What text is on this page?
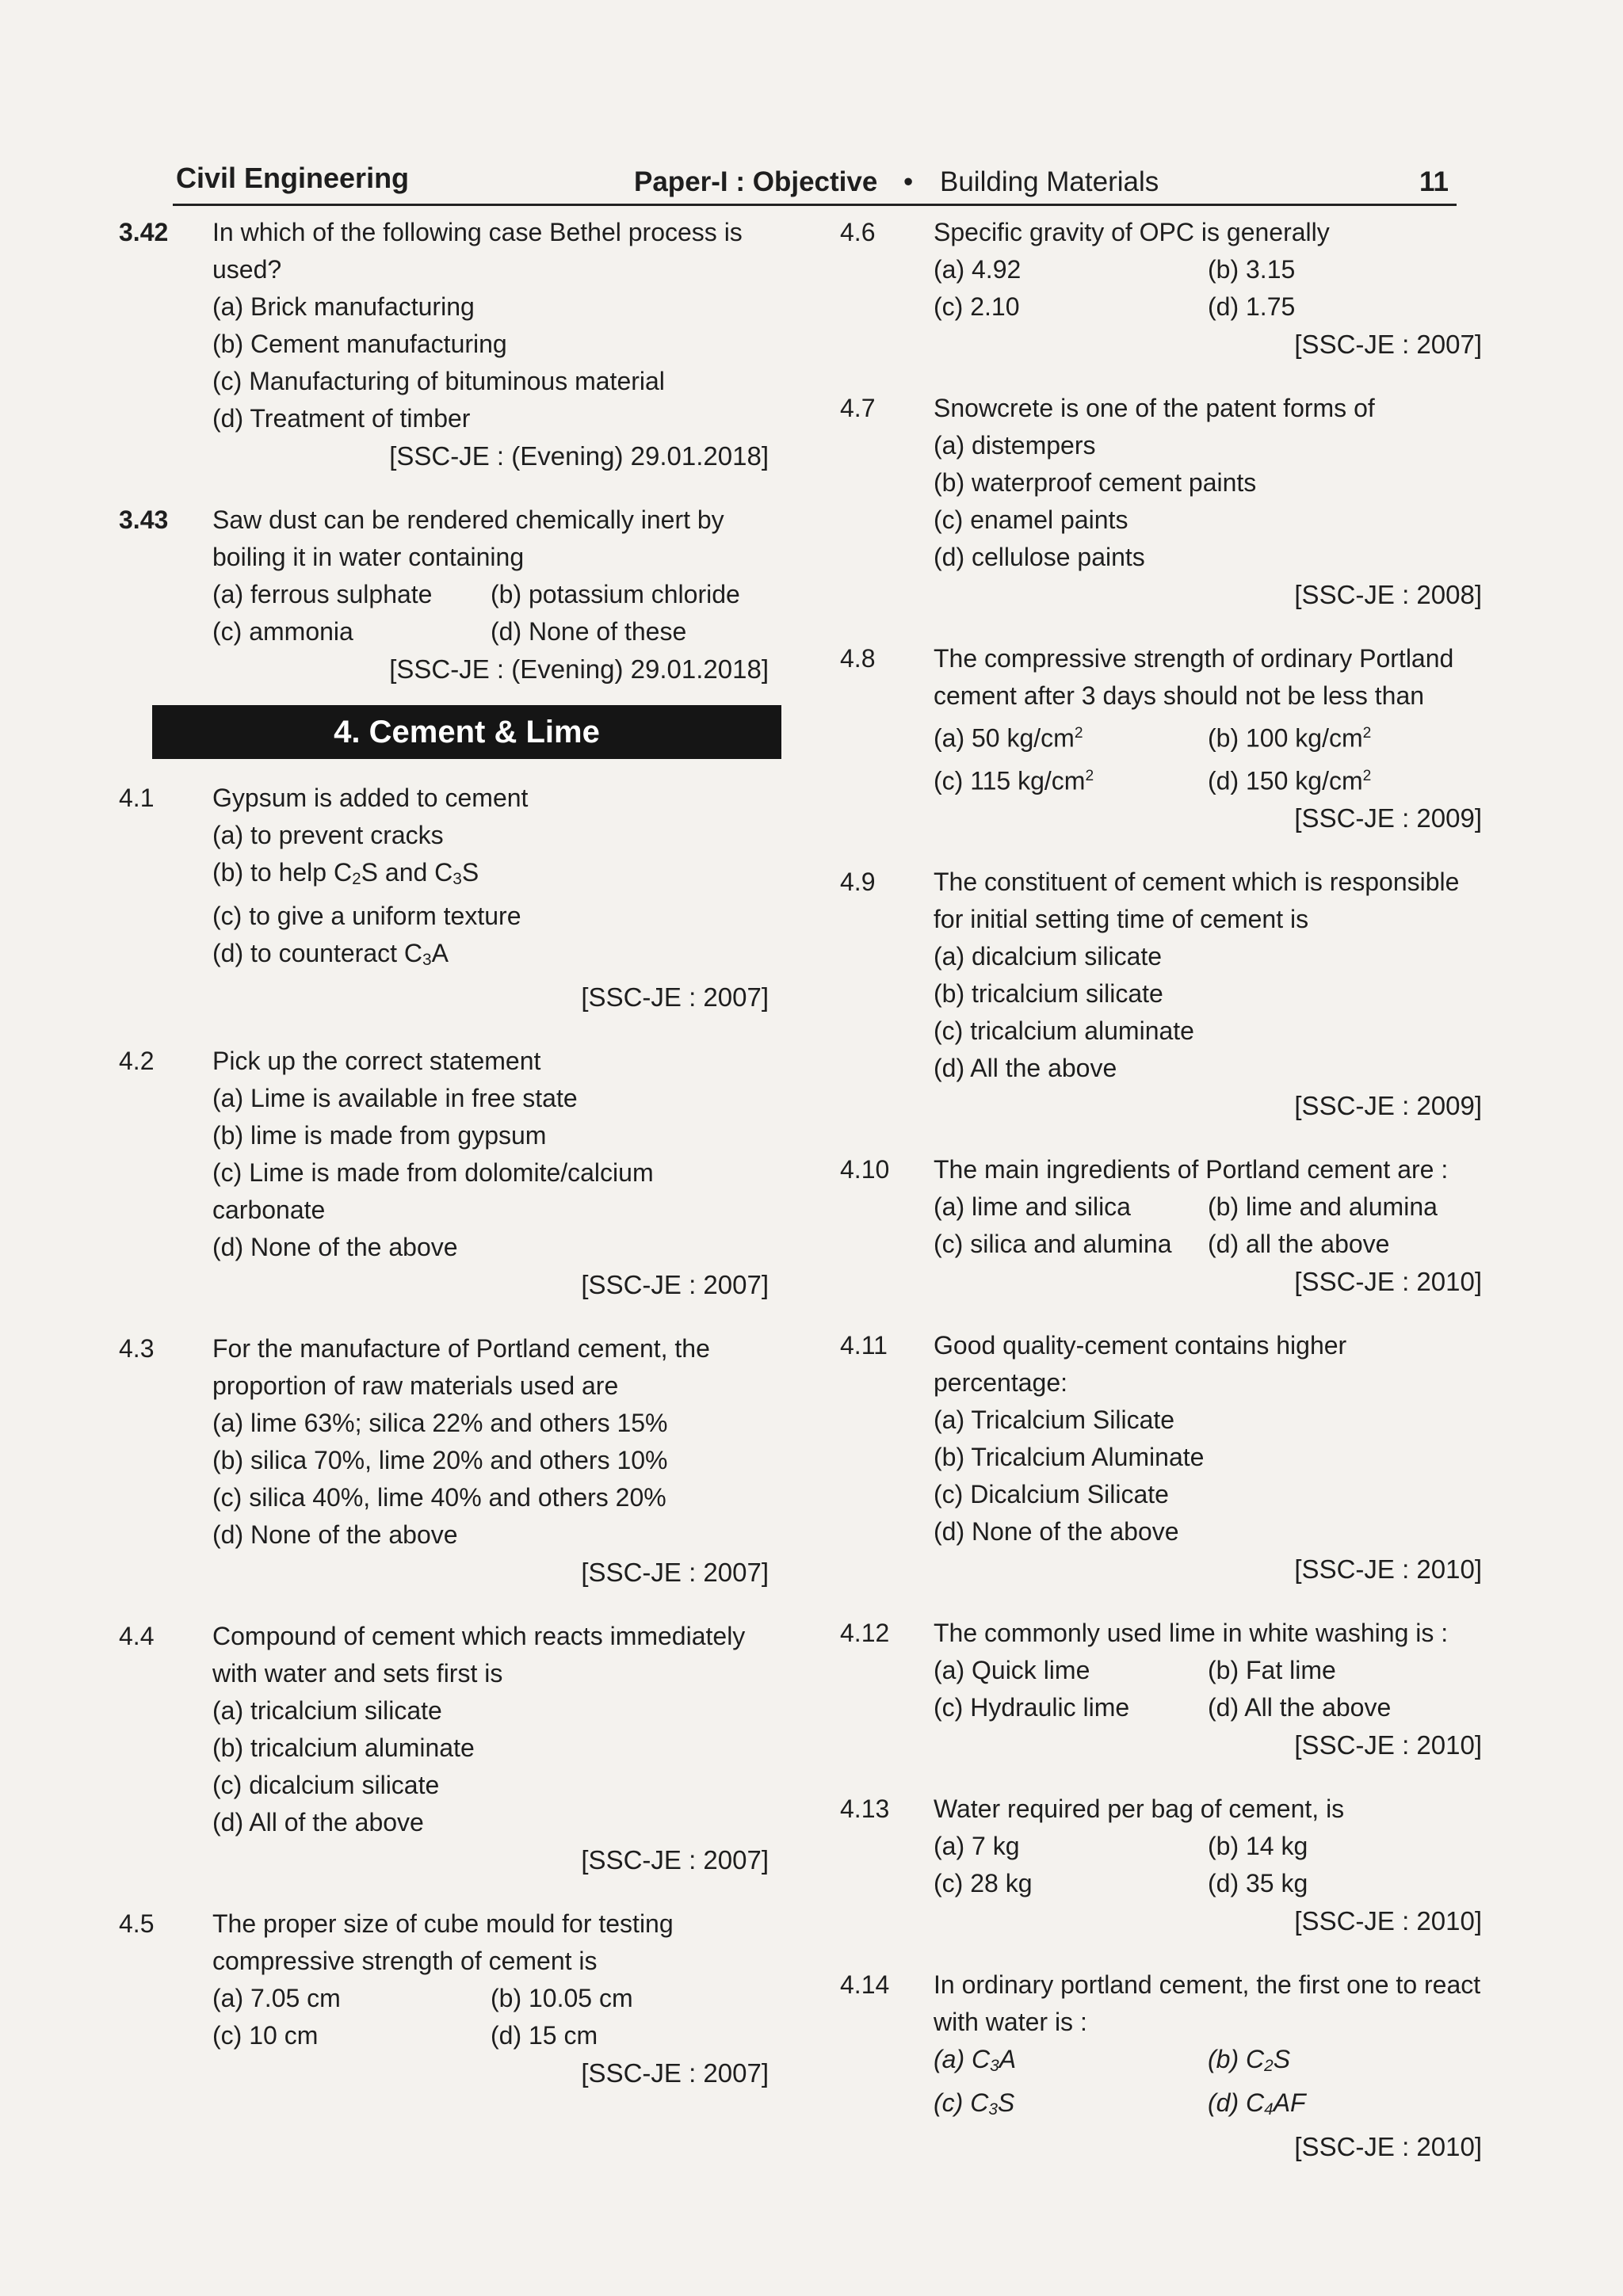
Civil Engineering	Paper-I : Objective • Building Materials	11
3.42 In which of the following case Bethel process is used?
(a) Brick manufacturing
(b) Cement manufacturing
(c) Manufacturing of bituminous material
(d) Treatment of timber
[SSC-JE : (Evening) 29.01.2018]
3.43 Saw dust can be rendered chemically inert by boiling it in water containing
(a) ferrous sulphate	(b) potassium chloride
(c) ammonia	(d) None of these
[SSC-JE : (Evening) 29.01.2018]
4. Cement & Lime
4.1 Gypsum is added to cement
(a) to prevent cracks
(b) to help $C_2S$ and $C_3S$
(c) to give a uniform texture
(d) to counteract $C_3A$
[SSC-JE : 2007]
4.2 Pick up the correct statement
(a) Lime is available in free state
(b) lime is made from gypsum
(c) Lime is made from dolomite/calcium carbonate
(d) None of the above
[SSC-JE : 2007]
4.3 For the manufacture of Portland cement, the proportion of raw materials used are
(a) lime 63%; silica 22% and others 15%
(b) silica 70%, lime 20% and others 10%
(c) silica 40%, lime 40% and others 20%
(d) None of the above
[SSC-JE : 2007]
4.4 Compound of cement which reacts immediately with water and sets first is
(a) tricalcium silicate
(b) tricalcium aluminate
(c) dicalcium silicate
(d) All of the above
[SSC-JE : 2007]
4.5 The proper size of cube mould for testing compressive strength of cement is
(a) 7.05 cm	(b) 10.05 cm
(c) 10 cm	(d) 15 cm
[SSC-JE : 2007]
4.6 Specific gravity of OPC is generally
(a) 4.92	(b) 3.15
(c) 2.10	(d) 1.75
[SSC-JE : 2007]
4.7 Snowcrete is one of the patent forms of
(a) distempers
(b) waterproof cement paints
(c) enamel paints
(d) cellulose paints
[SSC-JE : 2008]
4.8 The compressive strength of ordinary Portland cement after 3 days should not be less than
(a) 50 $kg/cm^2$	(b) 100 $kg/cm^2$
(c) 115 $kg/cm^2$	(d) 150 $kg/cm^2$
[SSC-JE : 2009]
4.9 The constituent of cement which is responsible for initial setting time of cement is
(a) dicalcium silicate
(b) tricalcium silicate
(c) tricalcium aluminate
(d) All the above
[SSC-JE : 2009]
4.10 The main ingredients of Portland cement are :
(a) lime and silica	(b) lime and alumina
(c) silica and alumina	(d) all the above
[SSC-JE : 2010]
4.11 Good quality-cement contains higher percentage:
(a) Tricalcium Silicate
(b) Tricalcium Aluminate
(c) Dicalcium Silicate
(d) None of the above
[SSC-JE : 2010]
4.12 The commonly used lime in white washing is :
(a) Quick lime	(b) Fat lime
(c) Hydraulic lime	(d) All the above
[SSC-JE : 2010]
4.13 Water required per bag of cement, is
(a) 7 kg	(b) 14 kg
(c) 28 kg	(d) 35 kg
[SSC-JE : 2010]
4.14 In ordinary portland cement, the first one to react with water is :
(a) $C_3A$	(b) $C_2S$
(c) $C_3S$	(d) $C_4AF$
[SSC-JE : 2010]
